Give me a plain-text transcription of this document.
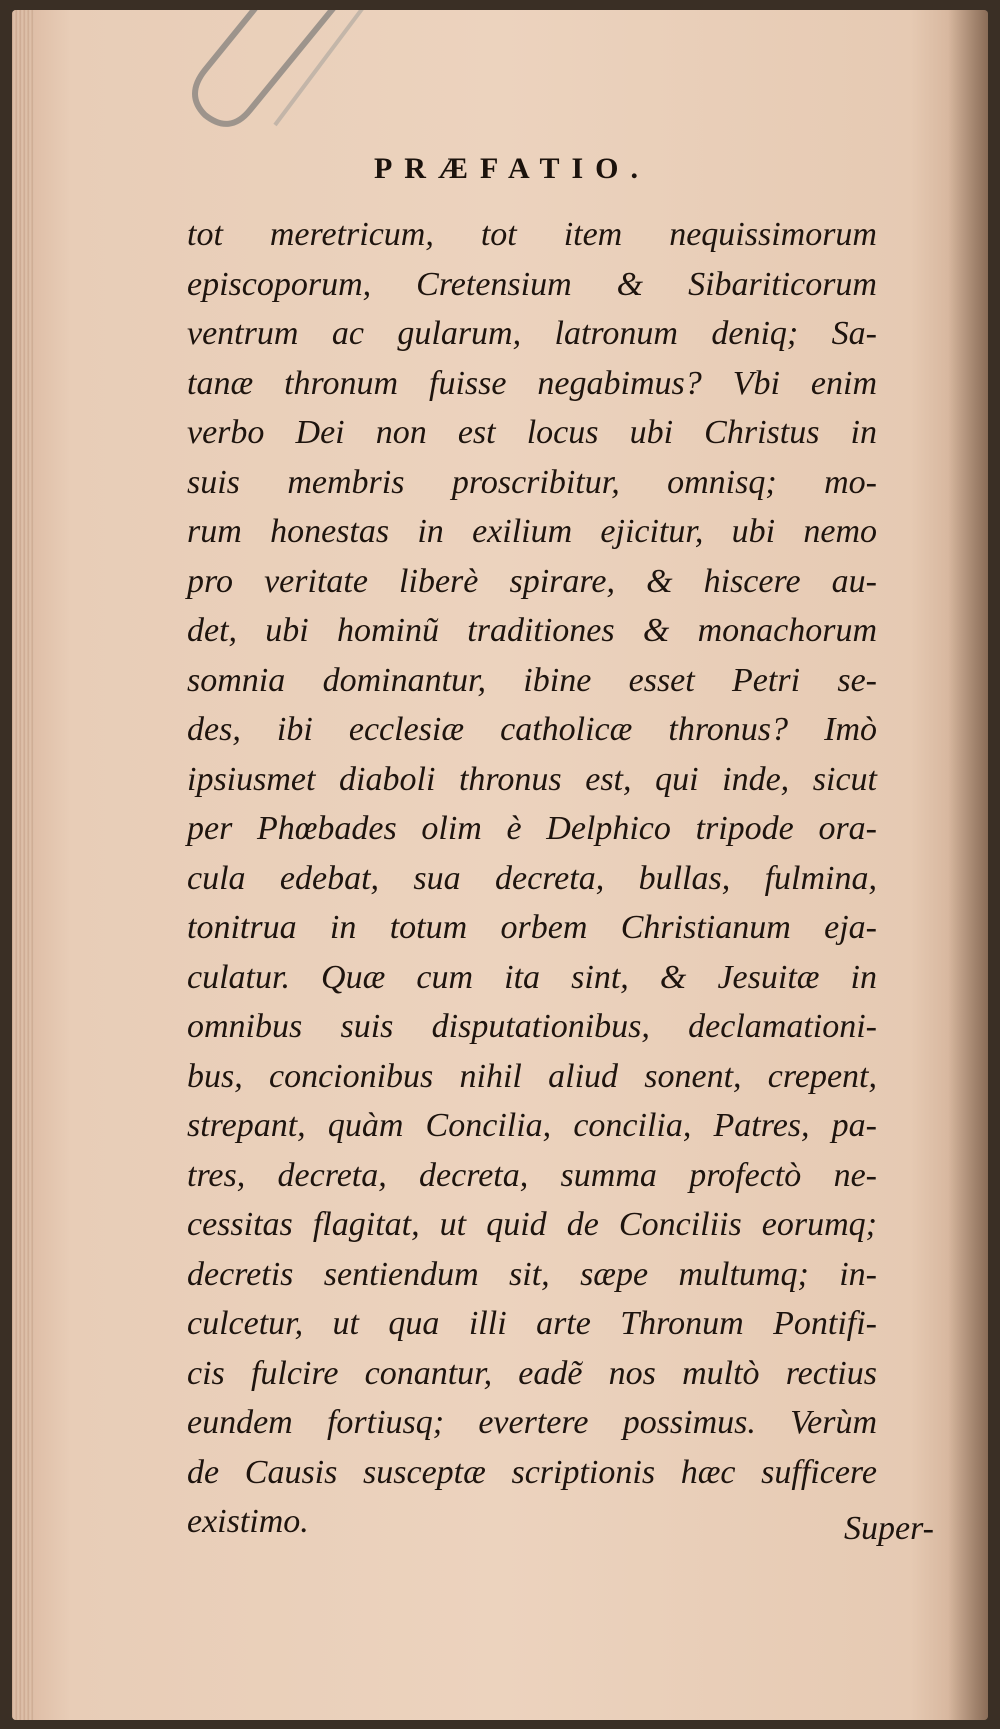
PRÆFATIO.
tot meretricum, tot item nequissimorum
episcoporum, Cretensium & Sibariticorum
ventrum ac gularum, latronum deniq; Sa-
tanæ thronum fuisse negabimus? Vbi enim
verbo Dei non est locus ubi Christus in
suis membris proscribitur, omnisq; mo-
rum honestas in exilium ejicitur, ubi nemo
pro veritate liberè spirare, & hiscere au-
det, ubi hominũ traditiones & monachorum
somnia dominantur, ibine esset Petri se-
des, ibi ecclesiæ catholicæ thronus? Imò
ipsiusmet diaboli thronus est, qui inde, sicut
per Phœbades olim è Delphico tripode ora-
cula edebat, sua decreta, bullas, fulmina,
tonitrua in totum orbem Christianum eja-
culatur. Quæ cum ita sint, & Jesuitæ in
omnibus suis disputationibus, declamationi-
bus, concionibus nihil aliud sonent, crepent,
strepant, quàm Concilia, concilia, Patres, pa-
tres, decreta, decreta, summa profectò ne-
cessitas flagitat, ut quid de Conciliis eorumq;
decretis sentiendum sit, sæpe multumq; in-
culcetur, ut qua illi arte Thronum Pontifi-
cis fulcire conantur, eadẽ nos multò rectius
eundem fortiusq; evertere possimus. Verùm
de Causis susceptæ scriptionis hæc sufficere
existimo.	Super-
